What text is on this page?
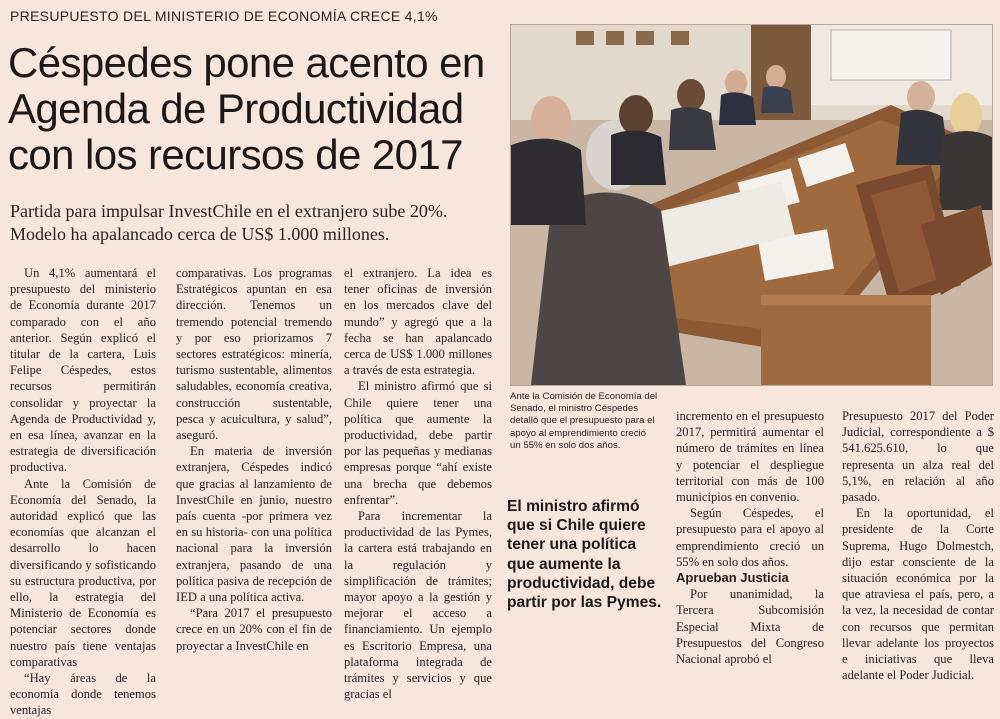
PRESUPUESTO DEL MINISTERIO DE ECONOMÍA CRECE 4,1%
Céspedes pone acento en
Agenda de Productividad
con los recursos de 2017
Partida para impulsar InvestChile en el extranjero sube 20%.
Modelo ha apalancado cerca de US$ 1.000 millones.
Ante la Comisión de Economía del Senado, el ministro Céspedes detalló que el presupuesto para el apoyo al emprendimiento creció un 55% en solo dos años.
El ministro afirmó que si Chile quiere tener una política que aumente la productividad, debe partir por las Pymes.

Un 4,1% aumentará el presupuesto del ministerio de Economía durante 2017 comparado con el año anterior. Según explicó el titular de la cartera, Luis Felipe Céspedes, estos recursos permitirán consolidar y proyectar la Agenda de Productividad y, en esa línea, avanzar en la estrategia de diversificación productiva.

Ante la Comisión de Economía del Senado, la autoridad explicó que las economías que alcanzan el desarrollo lo hacen diversificando y sofisticando su estructura productiva, por ello, la estrategia del Ministerio de Economía es potenciar sectores donde nuestro país tiene ventajas comparativas

“Hay áreas de la economía donde tenemos ventajas

comparativas. Los programas Estratégicos apuntan en esa dirección. Tenemos un tremendo potencial tremendo y por eso priorizamos 7 sectores estratégicos: minería, turismo sustentable, alimentos saludables, economía creativa, construcción sustentable, pesca y acuicultura, y salud”, aseguró.

En materia de inversión extranjera, Céspedes indicó que gracias al lanzamiento de InvestChile en junio, nuestro país cuenta -por primera vez en su historia- con una política nacional para la inversión extranjera, pasando de una política pasiva de recepción de IED a una política activa.

“Para 2017 el presupuesto crece en un 20% con el fin de proyectar a InvestChile en

el extranjero. La idea es tener oficinas de inversión en los mercados clave del mundo” y agregó que a la fecha se han apalancado cerca de US$ 1.000 millones a través de esta estrategia.

El ministro afirmó que si Chile quiere tener una política que aumente la productividad, debe partir por las pequeñas y medianas empresas porque “ahí existe una brecha que debemos enfrentar”.

Para incrementar la productividad de las Pymes, la cartera está trabajando en la regulación y simplificación de trámites; mayor apoyo a la gestión y mejorar el acceso a financiamiento. Un ejemplo es Escritorio Empresa, una plataforma integrada de trámites y servicios y que gracias el

incremento en el presupuesto 2017, permitirá aumentar el número de trámites en línea y potenciar el despliegue territorial con más de 100 municipios en convenio.

Según Céspedes, el presupuesto para el apoyo al emprendimiento creció un 55% en solo dos años.

Aprueban Justicia

Por unanimidad, la Tercera Subcomisión Especial Mixta de Presupuestos del Congreso Nacional aprobó el

Presupuesto 2017 del Poder Judicial, correspondiente a $ 541.625.610, lo que representa un alza real del 5,1%, en relación al año pasado.

En la oportunidad, el presidente de la Corte Suprema, Hugo Dolmestch, dijo estar consciente de la situación económica por la que atraviesa el país, pero, a la vez, la necesidad de contar con recursos que permitan llevar adelante los proyectos e iniciativas que lleva adelante el Poder Judicial.
